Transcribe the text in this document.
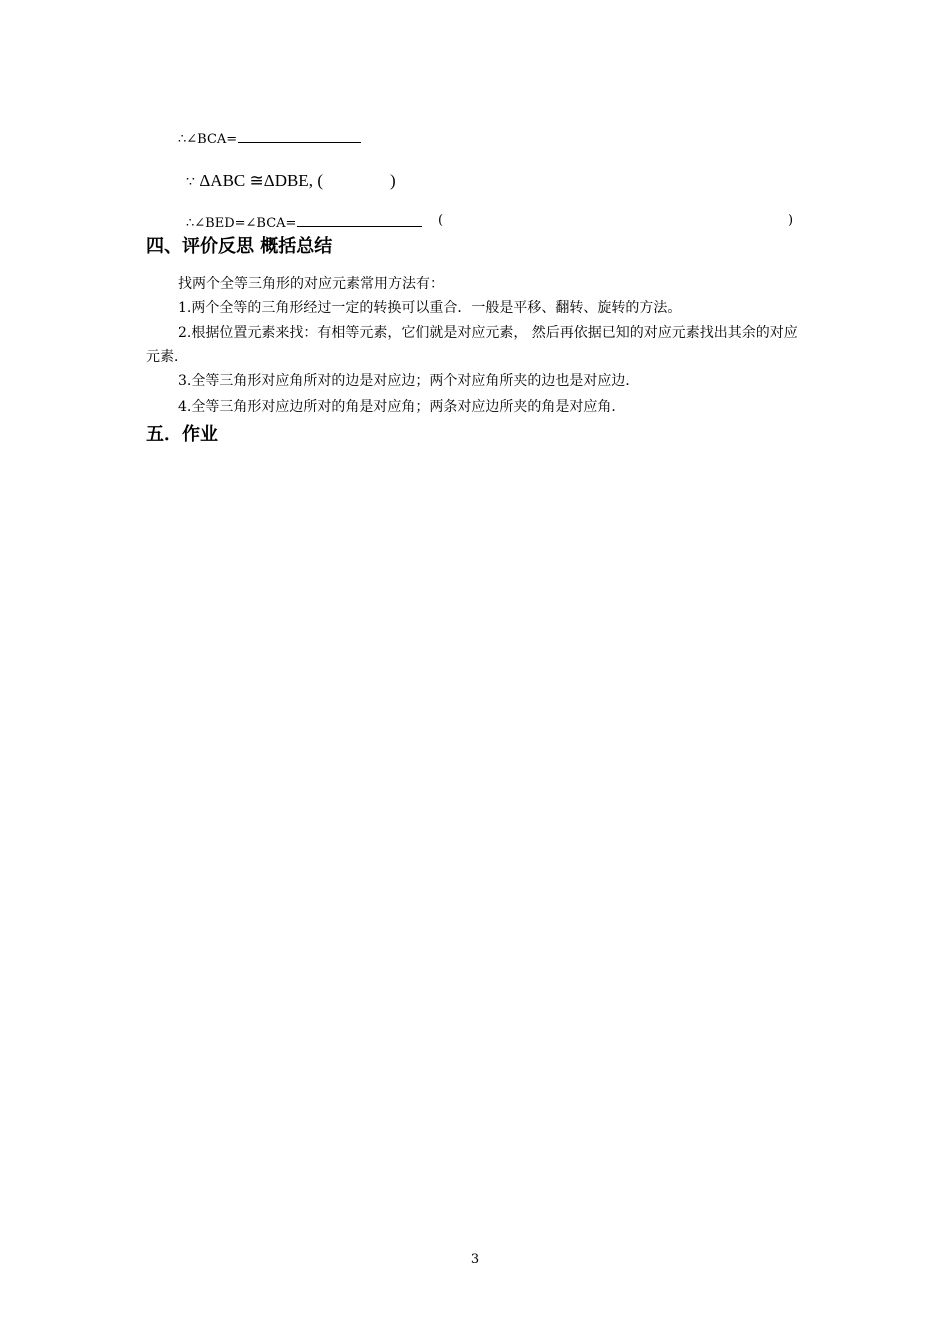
∴∠BCA=
∵ ΔABC ≅ΔDBE, (	)
∴∠BED=∠BCA=	(	)
四、评价反思 概括总结
找两个全等三角形的对应元素常用方法有：
1.两个全等的三角形经过一定的转换可以重合．一般是平移、翻转、旋转的方法。
2.根据位置元素来找：有相等元素，它们就是对应元素， 然后再依据已知的对应元素找出其余的对应元素．
3.全等三角形对应角所对的边是对应边；两个对应角所夹的边也是对应边．
4.全等三角形对应边所对的角是对应角；两条对应边所夹的角是对应角．
五．作业
3
